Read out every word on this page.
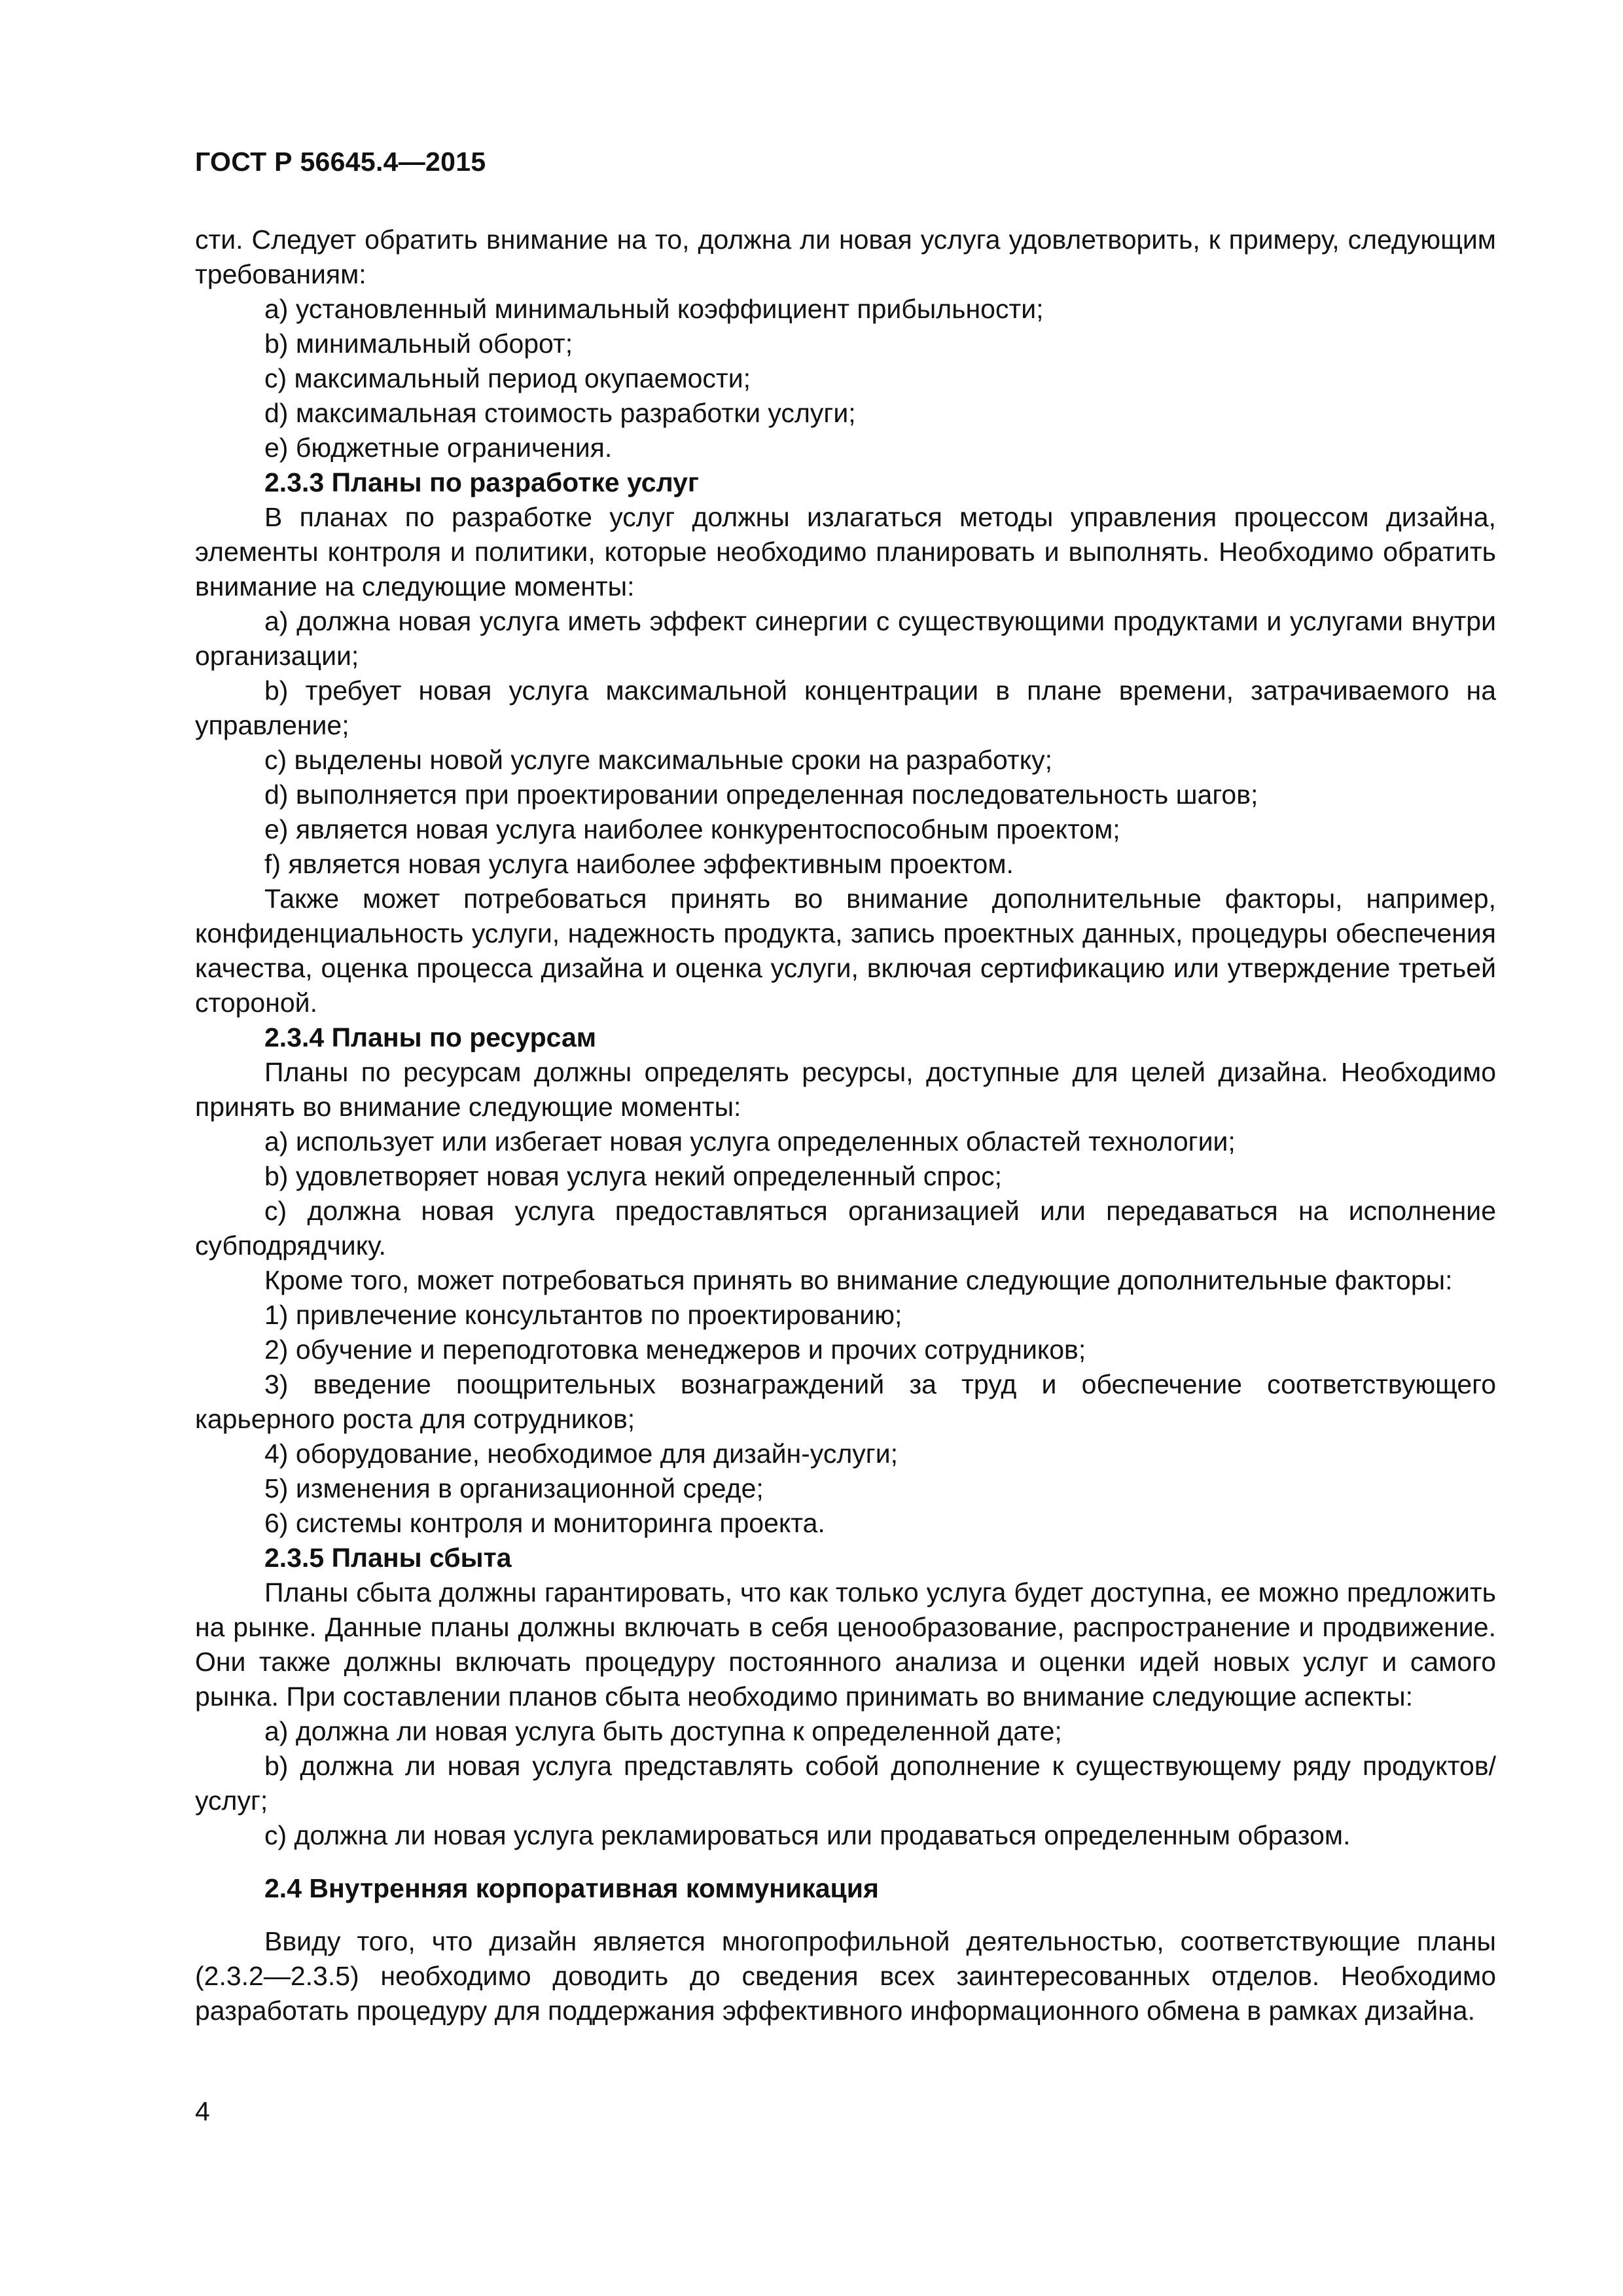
ГОСТ Р 56645.4—2015
сти. Следует обратить внимание на то, должна ли новая услуга удовлетворить, к примеру, следующим требованиям:
a) установленный минимальный коэффициент прибыльности;
b) минимальный оборот;
c) максимальный период окупаемости;
d) максимальная стоимость разработки услуги;
e) бюджетные ограничения.
2.3.3 Планы по разработке услуг
В планах по разработке услуг должны излагаться методы управления процессом дизайна, элементы контроля и политики, которые необходимо планировать и выполнять. Необходимо обратить внимание на следующие моменты:
a) должна новая услуга иметь эффект синергии с существующими продуктами и услугами внутри организации;
b) требует новая услуга максимальной концентрации в плане времени, затрачиваемого на управление;
c) выделены новой услуге максимальные сроки на разработку;
d) выполняется при проектировании определенная последовательность шагов;
e) является новая услуга наиболее конкурентоспособным проектом;
f) является новая услуга наиболее эффективным проектом.
Также может потребоваться принять во внимание дополнительные факторы, например, конфиденциальность услуги, надежность продукта, запись проектных данных, процедуры обеспечения качества, оценка процесса дизайна и оценка услуги, включая сертификацию или утверждение третьей стороной.
2.3.4 Планы по ресурсам
Планы по ресурсам должны определять ресурсы, доступные для целей дизайна. Необходимо принять во внимание следующие моменты:
a) использует или избегает новая услуга определенных областей технологии;
b) удовлетворяет новая услуга некий определенный спрос;
c) должна новая услуга предоставляться организацией или передаваться на исполнение субподрядчику.
Кроме того, может потребоваться принять во внимание следующие дополнительные факторы:
1) привлечение консультантов по проектированию;
2) обучение и переподготовка менеджеров и прочих сотрудников;
3) введение поощрительных вознаграждений за труд и обеспечение соответствующего карьерного роста для сотрудников;
4) оборудование, необходимое для дизайн-услуги;
5) изменения в организационной среде;
6) системы контроля и мониторинга проекта.
2.3.5 Планы сбыта
Планы сбыта должны гарантировать, что как только услуга будет доступна, ее можно предложить на рынке. Данные планы должны включать в себя ценообразование, распространение и продвижение. Они также должны включать процедуру постоянного анализа и оценки идей новых услуг и самого рынка. При составлении планов сбыта необходимо принимать во внимание следующие аспекты:
a) должна ли новая услуга быть доступна к определенной дате;
b) должна ли новая услуга представлять собой дополнение к существующему ряду продуктов/услуг;
c) должна ли новая услуга рекламироваться или продаваться определенным образом.
2.4 Внутренняя корпоративная коммуникация
Ввиду того, что дизайн является многопрофильной деятельностью, соответствующие планы (2.3.2—2.3.5) необходимо доводить до сведения всех заинтересованных отделов. Необходимо разработать процедуру для поддержания эффективного информационного обмена в рамках дизайна.
4
